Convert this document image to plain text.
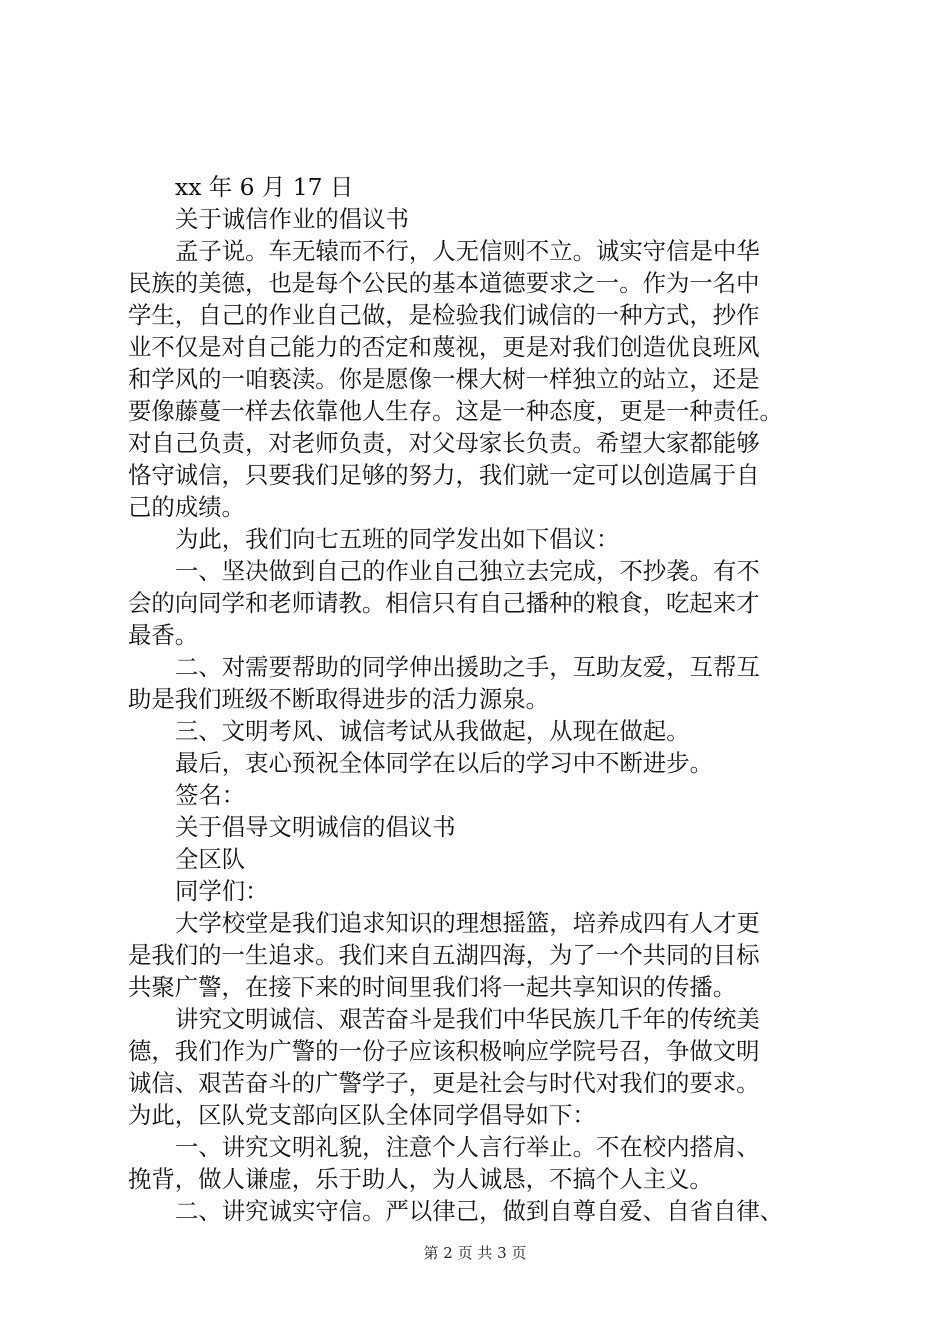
xx 年 6 月 17 日
关于诚信作业的倡议书
孟子说。车无辕而不行，人无信则不立。诚实守信是中华
民族的美德，也是每个公民的基本道德要求之一。作为一名中
学生，自己的作业自己做，是检验我们诚信的一种方式，抄作
业不仅是对自己能力的否定和蔑视，更是对我们创造优良班风
和学风的一咱亵渎。你是愿像一棵大树一样独立的站立，还是
要像藤蔓一样去依靠他人生存。这是一种态度，更是一种责任。
对自己负责，对老师负责，对父母家长负责。希望大家都能够
恪守诚信，只要我们足够的努力，我们就一定可以创造属于自
己的成绩。
为此，我们向七五班的同学发出如下倡议：
一、坚决做到自己的作业自己独立去完成，不抄袭。有不
会的向同学和老师请教。相信只有自己播种的粮食，吃起来才
最香。
二、对需要帮助的同学伸出援助之手，互助友爱，互帮互
助是我们班级不断取得进步的活力源泉。
三、文明考风、诚信考试从我做起，从现在做起。
最后，衷心预祝全体同学在以后的学习中不断进步。
签名：
关于倡导文明诚信的倡议书
全区队
同学们：
大学校堂是我们追求知识的理想摇篮，培养成四有人才更
是我们的一生追求。我们来自五湖四海，为了一个共同的目标
共聚广警，在接下来的时间里我们将一起共享知识的传播。
讲究文明诚信、艰苦奋斗是我们中华民族几千年的传统美
德，我们作为广警的一份子应该积极响应学院号召，争做文明
诚信、艰苦奋斗的广警学子，更是社会与时代对我们的要求。
为此，区队党支部向区队全体同学倡导如下：
一、讲究文明礼貌，注意个人言行举止。不在校内搭肩、
挽背，做人谦虚，乐于助人，为人诚恳，不搞个人主义。
二、讲究诚实守信。严以律己，做到自尊自爱、自省自律、
第 2 页 共 3 页
